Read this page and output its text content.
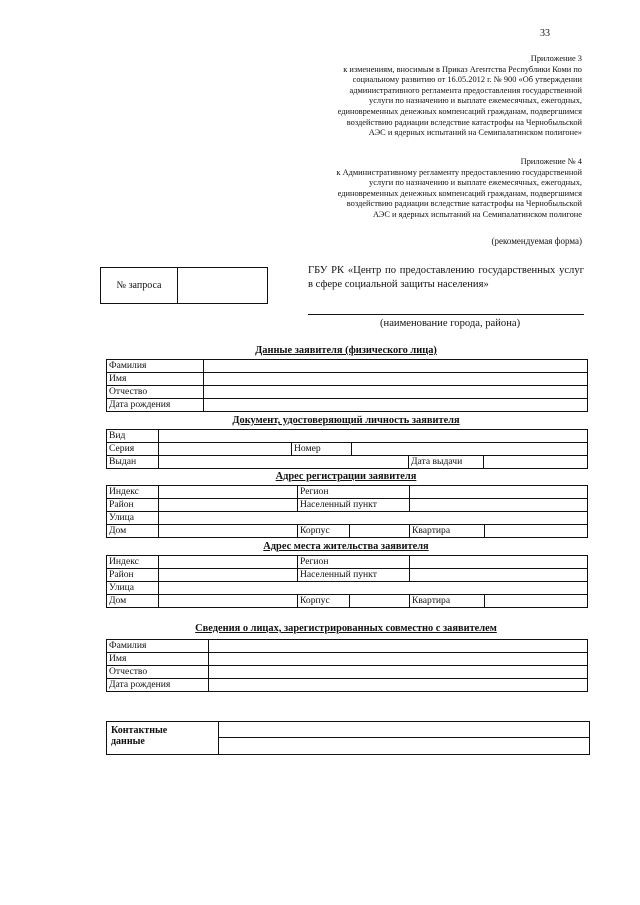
33
Приложение 3
к изменениям, вносимым в Приказ Агентства Республики Коми по
социальному развитию от 16.05.2012 г. № 900 «Об утверждении
административного регламента предоставления государственной
услуги по назначению и выплате ежемесячных, ежегодных,
единовременных денежных компенсаций гражданам, подвергшимся
воздействию радиации вследствие катастрофы на Чернобыльской
АЭС и ядерных испытаний на Семипалатинском полигоне»
Приложение № 4
к Административному регламенту предоставлению государственной
услуги по назначению и выплате ежемесячных, ежегодных,
единовременных денежных компенсаций гражданам, подвергшимся
воздействию радиации вследствие катастрофы на Чернобыльской
АЭС и ядерных испытаний на Семипалатинском полигоне
(рекомендуемая форма)
№ запроса
ГБУ РК «Центр по предоставлению государственных услуг в сфере социальной защиты населения»
(наименование города, района)
Данные заявителя (физического лица)
Фамилия	
Имя	
Отчество	
Дата рождения	
Документ, удостоверяющий личность заявителя
Вид					
Серия		Номер			
Выдан				Дата выдачи	
Адрес регистрации заявителя
Индекс		Регион			
Район		Населенный пункт			
Улица					
Дом		Корпус		Квартира	
Адрес места жительства заявителя
Индекс		Регион			
Район		Населенный пункт			
Улица					
Дом		Корпус		Квартира	
Сведения о лицах, зарегистрированных совместно с заявителем
Фамилия	
Имя	
Отчество	
Дата рождения	
Контактные
данные
